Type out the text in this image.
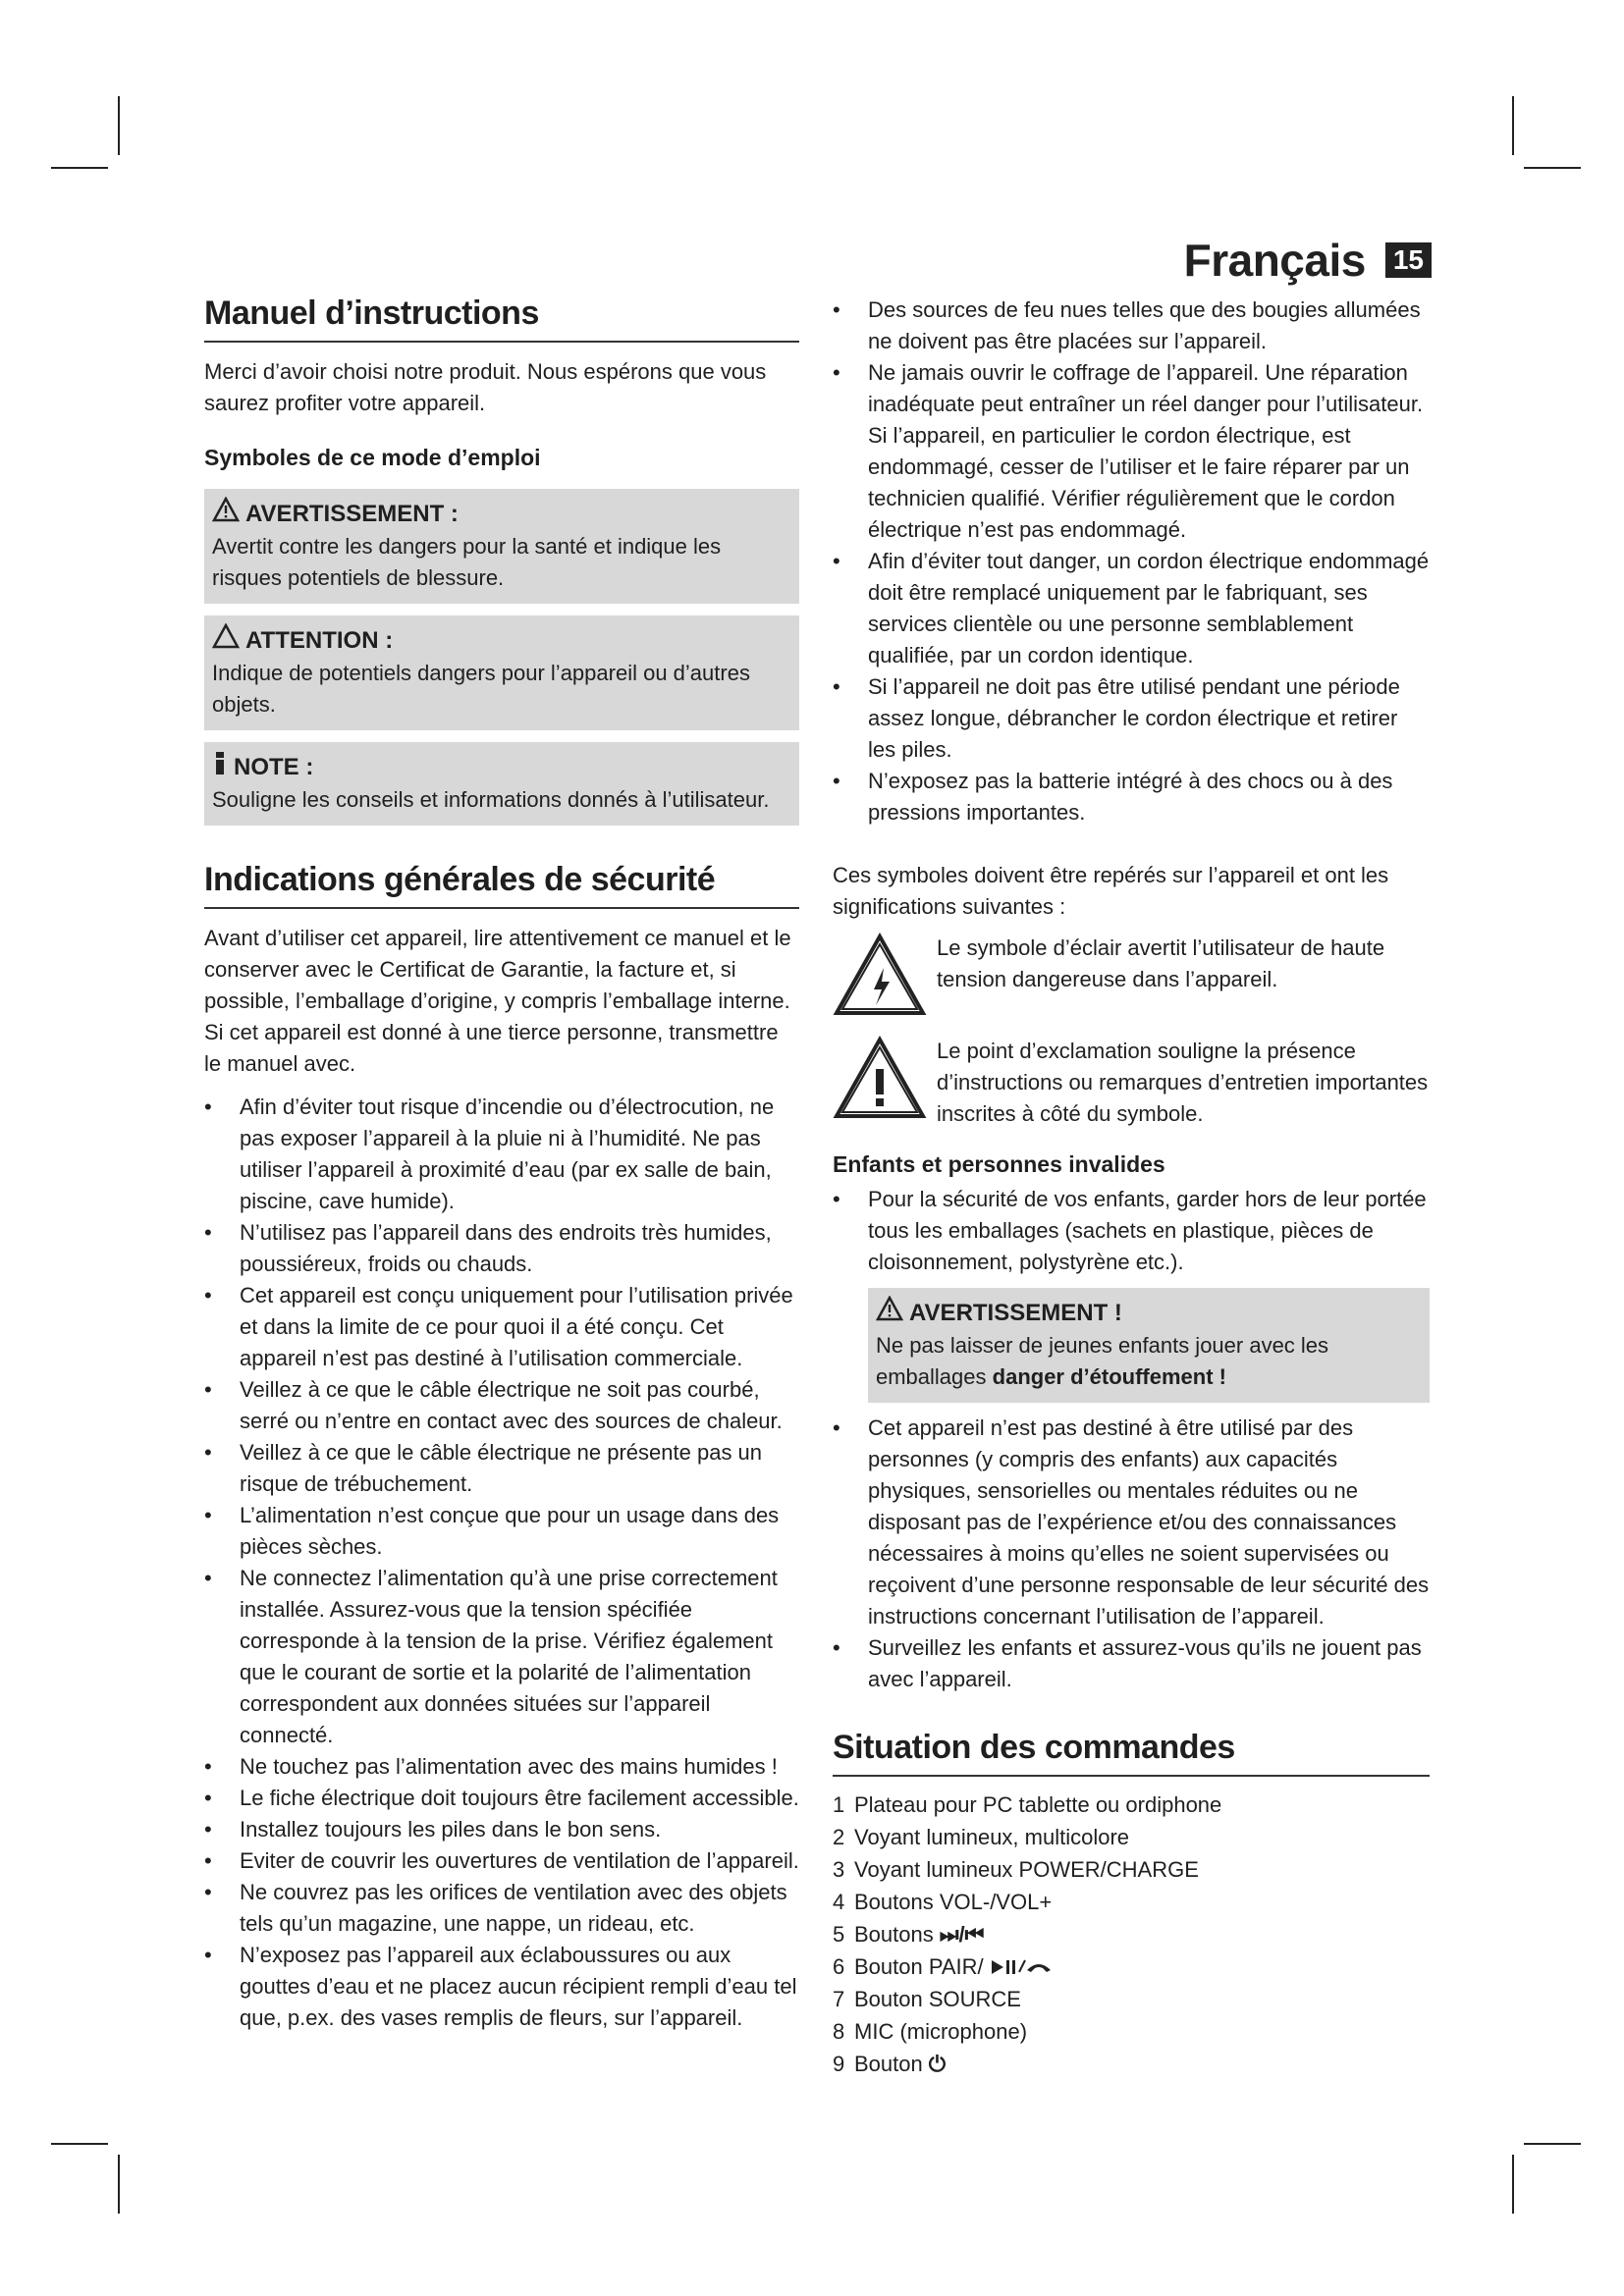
Français 15
Manuel d’instructions

Merci d’avoir choisi notre produit. Nous espérons que vous saurez profiter votre appareil.

Symboles de ce mode d’emploi
AVERTISSEMENT :
Avertit contre les dangers pour la santé et indique les risques potentiels de blessure.
ATTENTION :
Indique de potentiels dangers pour l’appareil ou d’autres objets.
NOTE :
Souligne les conseils et informations donnés à l’utilisateur.
Indications générales de sécurité

Avant d’utiliser cet appareil, lire attentivement ce manuel et le conserver avec le Certificat de Garantie, la facture et, si possible, l’emballage d’origine, y compris l’emballage interne. Si cet appareil est donné à une tierce personne, transmettre le manuel avec.

• Afin d’éviter tout risque d’incendie ou d’électrocution, ne pas exposer l’appareil à la pluie ni à l’humidité. Ne pas utiliser l’appareil à proximité d’eau (par ex salle de bain, piscine, cave humide).
• N’utilisez pas l’appareil dans des endroits très humides, poussiéreux, froids ou chauds.
• Cet appareil est conçu uniquement pour l’utilisation privée et dans la limite de ce pour quoi il a été conçu. Cet appareil n’est pas destiné à l’utilisation commerciale.
• Veillez à ce que le câble électrique ne soit pas courbé, serré ou n’entre en contact avec des sources de chaleur.
• Veillez à ce que le câble électrique ne présente pas un risque de trébuchement.
• L’alimentation n’est conçue que pour un usage dans des pièces sèches.
• Ne connectez l’alimentation qu’à une prise correctement installée. Assurez-vous que la tension spécifiée corresponde à la tension de la prise. Vérifiez également que le courant de sortie et la polarité de l’alimentation correspondent aux données situées sur l’appareil connecté.
• Ne touchez pas l’alimentation avec des mains humides !
• Le fiche électrique doit toujours être facilement accessible.
• Installez toujours les piles dans le bon sens.
• Eviter de couvrir les ouvertures de ventilation de l’appareil.
• Ne couvrez pas les orifices de ventilation avec des objets tels qu’un magazine, une nappe, un rideau, etc.
• N’exposez pas l’appareil aux éclaboussures ou aux gouttes d’eau et ne placez aucun récipient rempli d’eau tel que, p.ex. des vases remplis de fleurs, sur l’appareil.
• Des sources de feu nues telles que des bougies allumées ne doivent pas être placées sur l’appareil.
• Ne jamais ouvrir le coffrage de l’appareil. Une réparation inadéquate peut entraîner un réel danger pour l’utilisateur. Si l’appareil, en particulier le cordon électrique, est endommagé, cesser de l’utiliser et le faire réparer par un technicien qualifié. Vérifier régulièrement que le cordon électrique n’est pas endommagé.
• Afin d’éviter tout danger, un cordon électrique endommagé doit être remplacé uniquement par le fabriquant, ses services clientèle ou une personne semblablement qualifiée, par un cordon identique.
• Si l’appareil ne doit pas être utilisé pendant une période assez longue, débrancher le cordon électrique et retirer les piles.
• N’exposez pas la batterie intégré à des chocs ou à des pressions importantes.

Ces symboles doivent être repérés sur l’appareil et ont les significations suivantes :

Le symbole d’éclair avertit l’utilisateur de haute tension dangereuse dans l’appareil.
Le point d’exclamation souligne la présence d’instructions ou remarques d’entretien importantes inscrites à côté du symbole.
Enfants et personnes invalides
• Pour la sécurité de vos enfants, garder hors de leur portée tous les emballages (sachets en plastique, pièces de cloisonnement, polystyrène etc.).
AVERTISSEMENT !
Ne pas laisser de jeunes enfants jouer avec les emballages danger d’étouffement !
• Cet appareil n’est pas destiné à être utilisé par des personnes (y compris des enfants) aux capacités physiques, sensorielles ou mentales réduites ou ne disposant pas de l’expérience et/ou des connaissances nécessaires à moins qu’elles ne soient supervisées ou reçoivent d’une personne responsable de leur sécurité des instructions concernant l’utilisation de l’appareil.
• Surveillez les enfants et assurez-vous qu’ils ne jouent pas avec l’appareil.
Situation des commandes
1 Plateau pour PC tablette ou ordiphone
2 Voyant lumineux, multicolore
3 Voyant lumineux POWER/CHARGE
4 Boutons VOL-/VOL+
5 Boutons ⏭/⏮
6 Bouton PAIR/
7 Bouton SOURCE
8 MIC (microphone)
9 Bouton ⏻
